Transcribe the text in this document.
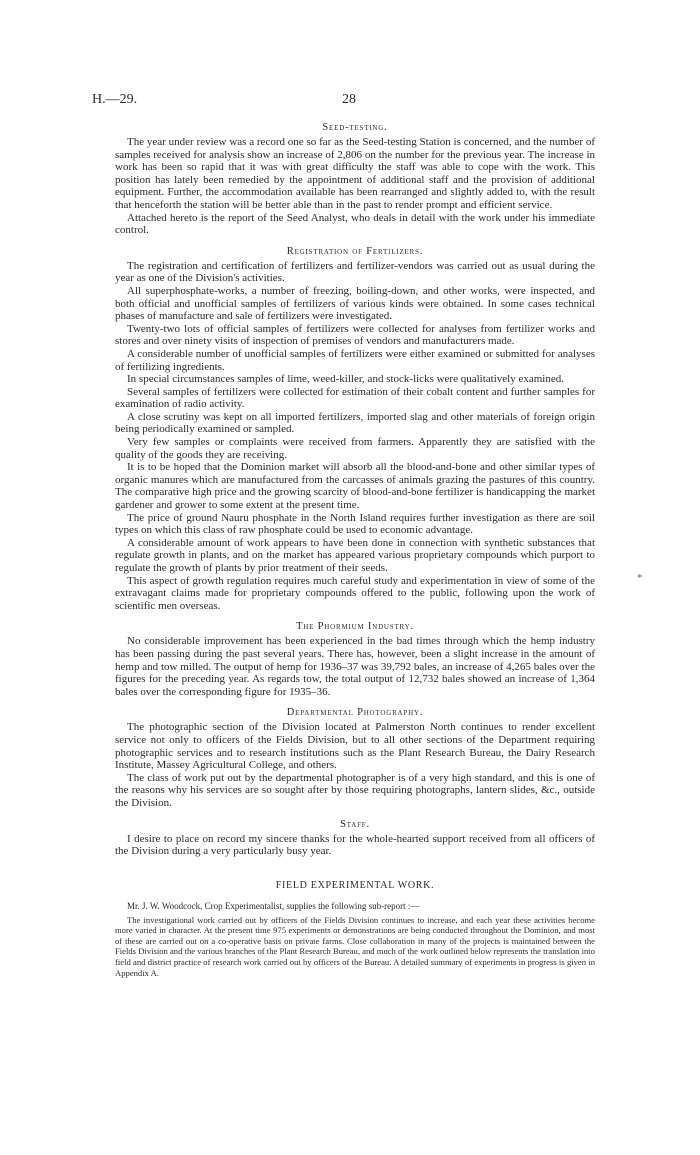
H.—29.	28
Seed-testing.

The year under review was a record one so far as the Seed-testing Station is concerned, and the number of samples received for analysis show an increase of 2,806 on the number for the previous year. The increase in work has been so rapid that it was with great difficulty the staff was able to cope with the work. This position has lately been remedied by the appointment of additional staff and the provision of additional equipment. Further, the accommodation available has been rearranged and slightly added to, with the result that henceforth the station will be better able than in the past to render prompt and efficient service.

Attached hereto is the report of the Seed Analyst, who deals in detail with the work under his immediate control.

Registration of Fertilizers.

The registration and certification of fertilizers and fertilizer-vendors was carried out as usual during the year as one of the Division's activities.

All superphosphate-works, a number of freezing, boiling-down, and other works, were inspected, and both official and unofficial samples of fertilizers of various kinds were obtained. In some cases technical phases of manufacture and sale of fertilizers were investigated.

Twenty-two lots of official samples of fertilizers were collected for analyses from fertilizer works and stores and over ninety visits of inspection of premises of vendors and manufacturers made.

A considerable number of unofficial samples of fertilizers were either examined or submitted for analyses of fertilizing ingredients.

In special circumstances samples of lime, weed-killer, and stock-licks were qualitatively examined.

Several samples of fertilizers were collected for estimation of their cobalt content and further samples for examination of radio activity.

A close scrutiny was kept on all imported fertilizers, imported slag and other materials of foreign origin being periodically examined or sampled.

Very few samples or complaints were received from farmers. Apparently they are satisfied with the quality of the goods they are receiving.

It is to be hoped that the Dominion market will absorb all the blood-and-bone and other similar types of organic manures which are manufactured from the carcasses of animals grazing the pastures of this country. The comparative high price and the growing scarcity of blood-and-bone fertilizer is handicapping the market gardener and grower to some extent at the present time.

The price of ground Nauru phosphate in the North Island requires further investigation as there are soil types on which this class of raw phosphate could be used to economic advantage.

A considerable amount of work appears to have been done in connection with synthetic substances that regulate growth in plants, and on the market has appeared various proprietary compounds which purport to regulate the growth of plants by prior treatment of their seeds.

This aspect of growth regulation requires much careful study and experimentation in view of some of the extravagant claims made for proprietary compounds offered to the public, following upon the work of scientific men overseas.

The Phormium Industry.

No considerable improvement has been experienced in the bad times through which the hemp industry has been passing during the past several years. There has, however, been a slight increase in the amount of hemp and tow milled. The output of hemp for 1936–37 was 39,792 bales, an increase of 4,265 bales over the figures for the preceding year. As regards tow, the total output of 12,732 bales showed an increase of 1,364 bales over the corresponding figure for 1935–36.

Departmental Photography.

The photographic section of the Division located at Palmerston North continues to render excellent service not only to officers of the Fields Division, but to all other sections of the Department requiring photographic services and to research institutions such as the Plant Research Bureau, the Dairy Research Institute, Massey Agricultural College, and others.

The class of work put out by the departmental photographer is of a very high standard, and this is one of the reasons why his services are so sought after by those requiring photographs, lantern slides, &c., outside the Division.

Staff.

I desire to place on record my sincere thanks for the whole-hearted support received from all officers of the Division during a very particularly busy year.

FIELD EXPERIMENTAL WORK.

Mr. J. W. Woodcock, Crop Experimentalist, supplies the following sub-report :—

The investigational work carried out by officers of the Fields Division continues to increase, and each year these activities become more varied in character. At the present time 975 experiments or demonstrations are being conducted throughout the Dominion, and most of these are carried out on a co-operative basis on private farms. Close collaboration in many of the projects is maintained between the Fields Division and the various branches of the Plant Research Bureau, and much of the work outlined below represents the translation into field and district practice of research work carried out by officers of the Bureau. A detailed summary of experiments in progress is given in Appendix A.

*
